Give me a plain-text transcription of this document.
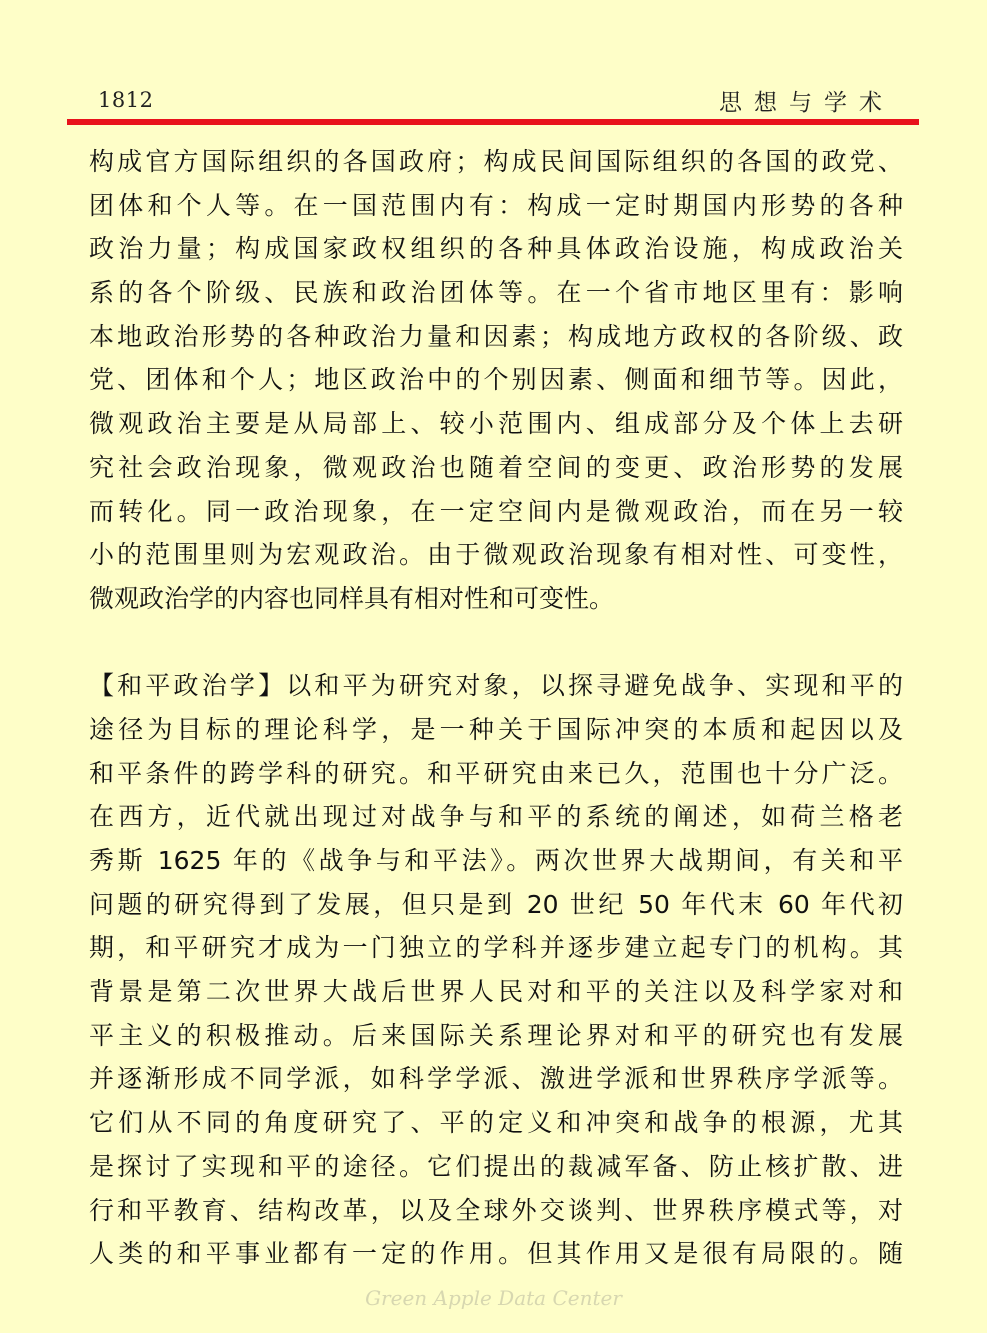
1812	思想与学术
构成官方国际组织的各国政府；构成民间国际组织的各国的政党、
团体和个人等。在一国范围内有：构成一定时期国内形势的各种
政治力量；构成国家政权组织的各种具体政治设施，构成政治关
系的各个阶级、民族和政治团体等。在一个省市地区里有：影响
本地政治形势的各种政治力量和因素；构成地方政权的各阶级、政
党、团体和个人；地区政治中的个别因素、侧面和细节等。因此，
微观政治主要是从局部上、较小范围内、组成部分及个体上去研
究社会政治现象，微观政治也随着空间的变更、政治形势的发展
而转化。同一政治现象，在一定空间内是微观政治，而在另一较
小的范围里则为宏观政治。由于微观政治现象有相对性、可变性，
微观政治学的内容也同样具有相对性和可变性。
【和平政治学】以和平为研究对象，以探寻避免战争、实现和平的
途径为目标的理论科学，是一种关于国际冲突的本质和起因以及
和平条件的跨学科的研究。和平研究由来已久，范围也十分广泛。
在西方，近代就出现过对战争与和平的系统的阐述，如荷兰格老
秀斯 1625 年的《战争与和平法》。两次世界大战期间，有关和平
问题的研究得到了发展，但只是到 20 世纪 50 年代末 60 年代初
期，和平研究才成为一门独立的学科并逐步建立起专门的机构。其
背景是第二次世界大战后世界人民对和平的关注以及科学家对和
平主义的积极推动。后来国际关系理论界对和平的研究也有发展
并逐渐形成不同学派，如科学学派、激进学派和世界秩序学派等。
它们从不同的角度研究了、平的定义和冲突和战争的根源，尤其
是探讨了实现和平的途径。它们提出的裁减军备、防止核扩散、进
行和平教育、结构改革，以及全球外交谈判、世界秩序模式等，对
人类的和平事业都有一定的作用。但其作用又是很有局限的。随
Green Apple Data Center
